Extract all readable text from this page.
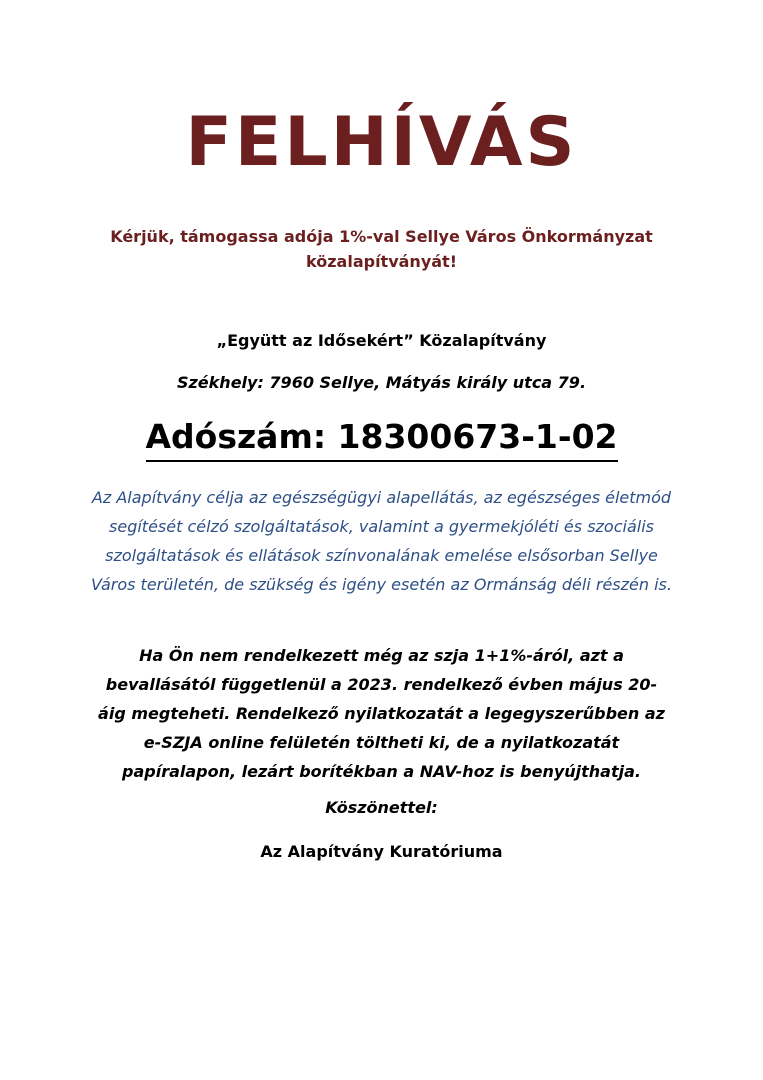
FELHÍVÁS
Kérjük, támogassa adója 1%-val Sellye Város Önkormányzat közalapítványát!
„Együtt az Idősekért” Közalapítvány
Székhely: 7960 Sellye, Mátyás király utca 79.
Adószám: 18300673-1-02
Az Alapítvány célja az egészségügyi alapellátás, az egészséges életmód segítését célzó szolgáltatások, valamint a gyermekjóléti és szociális szolgáltatások és ellátások színvonalának emelése elsősorban Sellye Város területén, de szükség és igény esetén az Ormánság déli részén is.
Ha Ön nem rendelkezett még az szja 1+1%-áról, azt a bevallásától függetlenül a 2023. rendelkező évben május 20-áig megteheti. Rendelkező nyilatkozatát a legegyszerűbben az e-SZJA online felületén töltheti ki, de a nyilatkozatát papíralapon, lezárt borítékban a NAV-hoz is benyújthatja.
Köszönettel:
Az Alapítvány Kuratóriuma
